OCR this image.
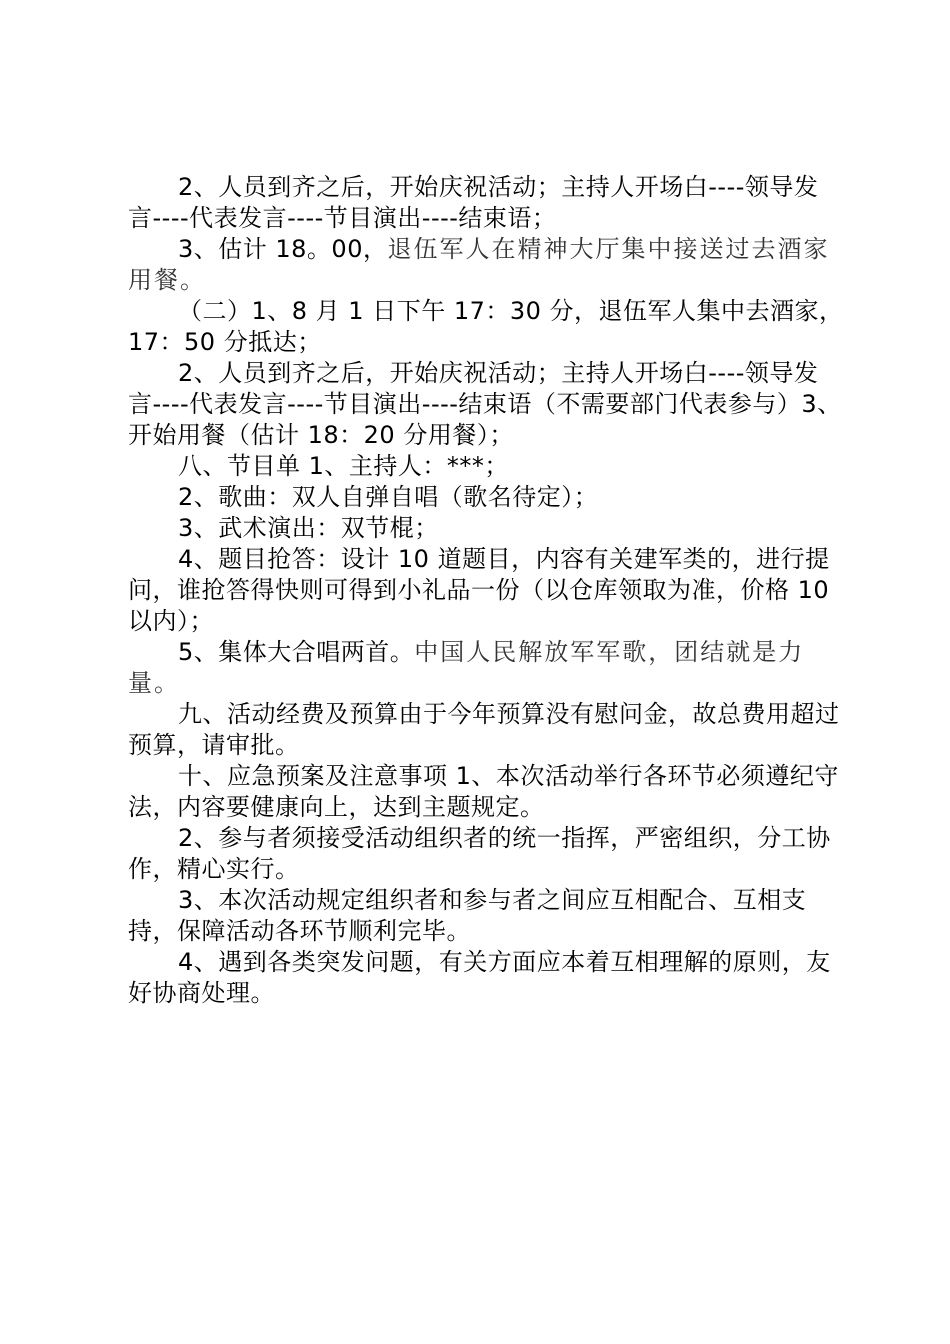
2、人员到齐之后，开始庆祝活动；主持人开场白----领导发言----代表发言----节目演出----结束语；

3、估计 18。00，退伍军人在精神大厅集中接送过去酒家用餐。

（二）1、8 月 1 日下午 17：30 分，退伍军人集中去酒家，17：50 分抵达；

2、人员到齐之后，开始庆祝活动；主持人开场白----领导发言----代表发言----节目演出----结束语（不需要部门代表参与）3、开始用餐（估计 18：20 分用餐）；

八、节目单 1、主持人：***；

2、歌曲：双人自弹自唱（歌名待定）；

3、武术演出：双节棍；

4、题目抢答：设计 10 道题目，内容有关建军类的，进行提问，谁抢答得快则可得到小礼品一份（以仓库领取为准，价格 10 以内）；

5、集体大合唱两首。中国人民解放军军歌，团结就是力量。

九、活动经费及预算由于今年预算没有慰问金，故总费用超过预算，请审批。

十、应急预案及注意事项 1、本次活动举行各环节必须遵纪守法，内容要健康向上，达到主题规定。

2、参与者须接受活动组织者的统一指挥，严密组织，分工协作，精心实行。

3、本次活动规定组织者和参与者之间应互相配合、互相支持，保障活动各环节顺利完毕。

4、遇到各类突发问题，有关方面应本着互相理解的原则，友好协商处理。
